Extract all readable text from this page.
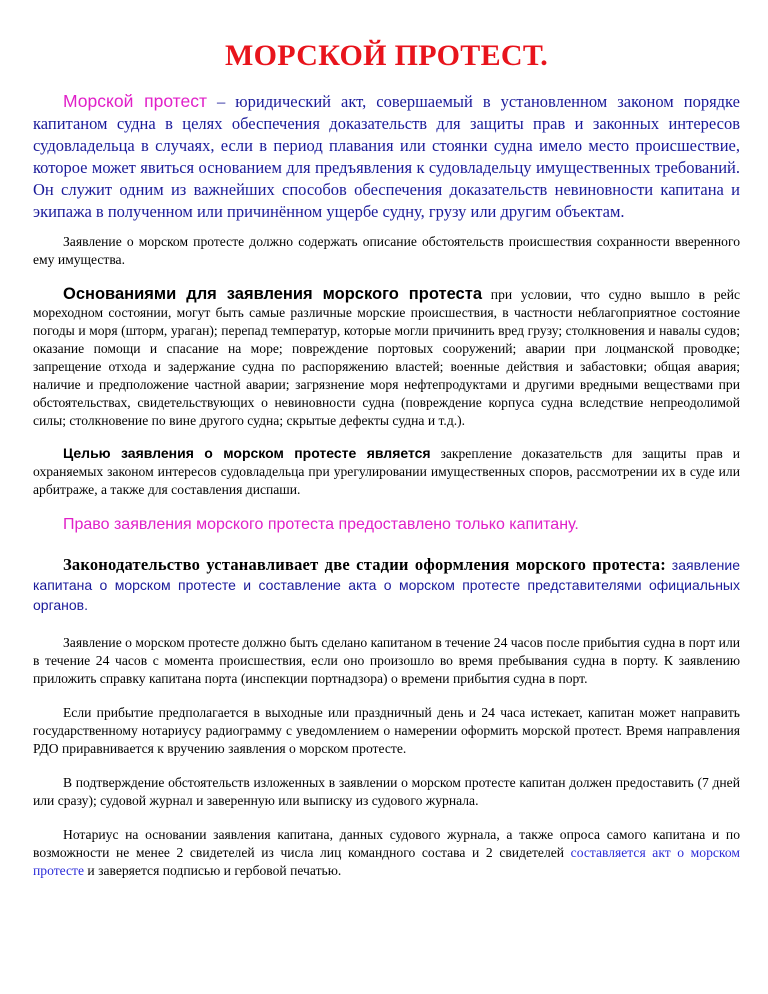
МОРСКОЙ ПРОТЕСТ.

Морской протест – юридический акт, совершаемый в установленном законом порядке капитаном судна в целях обеспечения доказательств для защиты прав и законных интересов судовладельца в случаях, если в период плавания или стоянки судна имело место происшествие, которое может явиться основанием для предъявления к судовладельцу имущественных требований. Он служит одним из важнейших способов обеспечения доказательств невиновности капитана и экипажа в полученном или причинённом ущербе судну, грузу или другим объектам.

Заявление о морском протесте должно содержать описание обстоятельств происшествия сохранности вверенного ему имущества.

Основаниями для заявления морского протеста при условии, что судно вышло в рейс мореходном состоянии, могут быть самые различные морские происшествия, в частности неблагоприятное состояние погоды и моря (шторм, ураган); перепад температур, которые могли причинить вред грузу; столкновения и навалы судов; оказание помощи и спасание на море; повреждение портовых сооружений; аварии при лоцманской проводке; запрещение отхода и задержание судна по распоряжению властей; военные действия и забастовки; общая авария; наличие и предположение частной аварии; загрязнение моря нефтепродуктами и другими вредными веществами при обстоятельствах, свидетельствующих о невиновности судна (повреждение корпуса судна вследствие непреодолимой силы; столкновение по вине другого судна; скрытые дефекты судна и т.д.).

Целью заявления о морском протесте является закрепление доказательств для защиты прав и охраняемых законом интересов судовладельца при урегулировании имущественных споров, рассмотрении их в суде или арбитраже, а также для составления диспаши.

Право заявления морского протеста предоставлено только капитану.

Законодательство устанавливает две стадии оформления морского протеста: заявление капитана о морском протесте и составление акта о морском протесте представителями официальных органов.

Заявление о морском протесте должно быть сделано капитаном в течение 24 часов после прибытия судна в порт или в течение 24 часов с момента происшествия, если оно произошло во время пребывания судна в порту. К заявлению приложить справку капитана порта (инспекции портнадзора) о времени прибытия судна в порт.

Если прибытие предполагается в выходные или праздничный день и 24 часа истекает, капитан может направить государственному нотариусу радиограмму с уведомлением о намерении оформить морской протест. Время направления РДО приравнивается к вручению заявления о морском протесте.

В подтверждение обстоятельств изложенных в заявлении о морском протесте капитан должен предоставить (7 дней или сразу); судовой журнал и заверенную или выписку из судового журнала.

Нотариус на основании заявления капитана, данных судового журнала, а также опроса самого капитана и по возможности не менее 2 свидетелей из числа лиц командного состава и 2 свидетелей составляется акт о морском протесте и заверяется подписью и гербовой печатью.
